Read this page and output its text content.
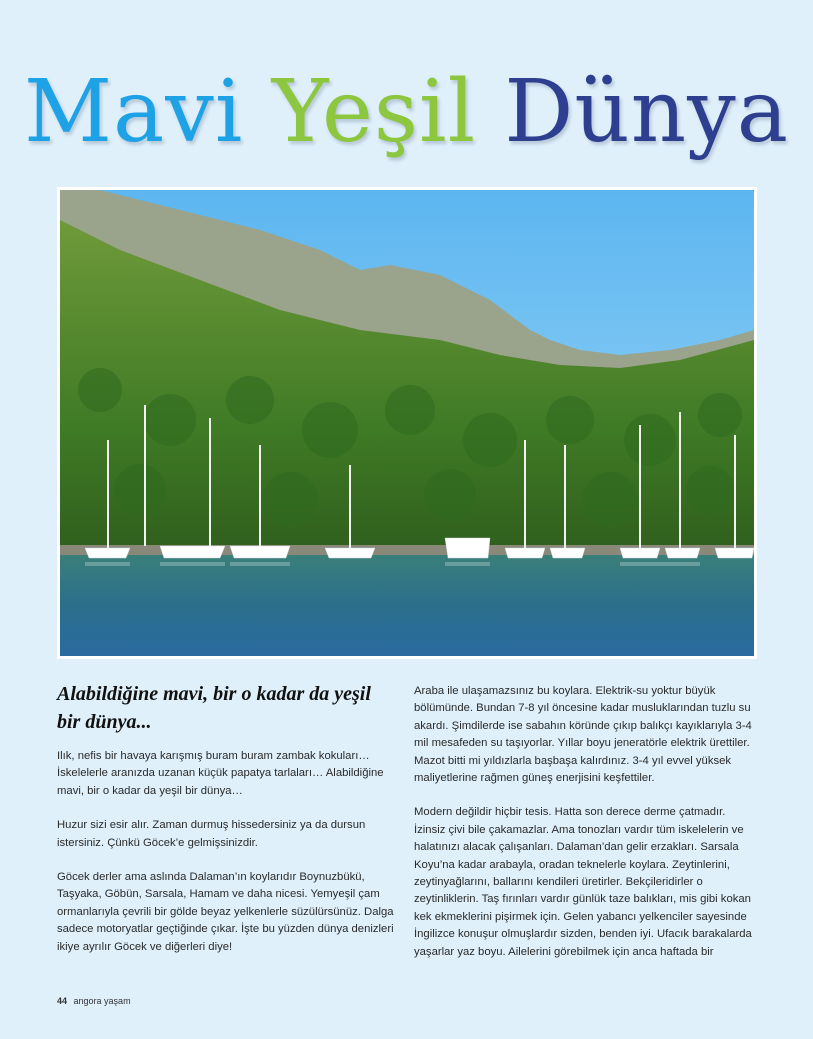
Mavi Yeşil Dünya
Alabildiğine mavi, bir o kadar da yeşil bir dünya...

Ilık, nefis bir havaya karışmış buram buram zambak kokuları… İskelelerle aranızda uzanan küçük papatya tarlaları… Alabildiğine mavi, bir o kadar da yeşil bir dünya…

Huzur sizi esir alır. Zaman durmuş hissedersiniz ya da dursun istersiniz. Çünkü Göcek’e gelmişsinizdir.

Göcek derler ama aslında Dalaman’ın koylarıdır Boynuzbükü, Taşyaka, Göbün, Sarsala, Hamam ve daha nicesi. Yemyeşil çam ormanlarıyla çevrili bir gölde beyaz yelkenlerle süzülürsünüz. Dalga sadece motoryatlar geçtiğinde çıkar. İşte bu yüzden dünya denizleri ikiye ayrılır Göcek ve diğerleri diye!

Araba ile ulaşamazsınız bu koylara. Elektrik-su yoktur büyük bölümünde. Bundan 7-8 yıl öncesine kadar musluklarından tuzlu su akardı. Şimdilerde ise sabahın köründe çıkıp balıkçı kayıklarıyla 3-4 mil mesafeden su taşıyorlar. Yıllar boyu jeneratörle elektrik ürettiler. Mazot bitti mi yıldızlarla başbaşa kalırdınız. 3-4 yıl evvel yüksek maliyetlerine rağmen güneş enerjisini keşfettiler.

Modern değildir hiçbir tesis. Hatta son derece derme çatmadır. İzinsiz çivi bile çakamazlar. Ama tonozları vardır tüm iskelelerin ve halatınızı alacak çalışanları. Dalaman’dan gelir erzakları. Sarsala Koyu’na kadar arabayla, oradan teknelerle koylara. Zeytinlerini, zeytinyağlarını, ballarını kendileri üretirler. Bekçileridirler o zeytinliklerin. Taş fırınları vardır günlük taze balıkları, mis gibi kokan kek ekmeklerini pişirmek için. Gelen yabancı yelkenciler sayesinde İngilizce konuşur olmuşlardır sizden, benden iyi. Ufacık barakalarda yaşarlar yaz boyu. Ailelerini görebilmek için anca haftada bir

44 angora yaşam
